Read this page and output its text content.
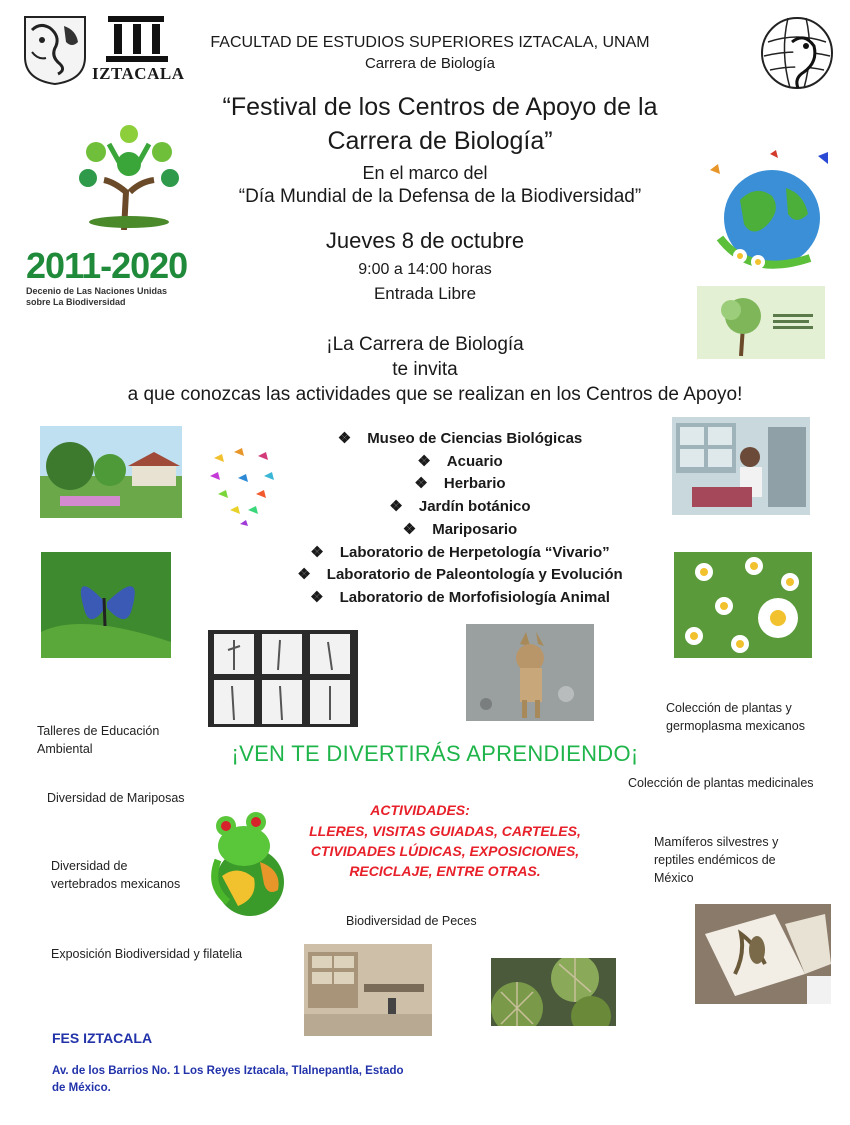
IZTACALA
FACULTAD DE ESTUDIOS SUPERIORES IZTACALA, UNAM
Carrera de Biología
“Festival de los Centros de Apoyo de la
Carrera de Biología”
En el marco del
“Día Mundial de la Defensa de la Biodiversidad”
Jueves 8 de octubre
9:00 a 14:00 horas
Entrada Libre
2011-2020
Decenio de Las Naciones Unidas
sobre La Biodiversidad
¡La Carrera de Biología
te invita
a que conozcas las actividades que se realizan en los Centros de Apoyo!
❖ Museo de Ciencias Biológicas
❖ Acuario
❖ Herbario
❖ Jardín botánico
❖ Mariposario
❖ Laboratorio de Herpetología “Vivario”
❖ Laboratorio de Paleontología y Evolución
❖ Laboratorio de Morfofisiología Animal
Colección de plantas y
germoplasma mexicanos
Talleres de Educación
Ambiental	¡VEN TE DIVERTIRÁS APRENDIENDO¡
Colección de plantas medicinales
Diversidad de Mariposas
ACTIVIDADES:
LLERES, VISITAS GUIADAS, CARTELES,
CTIVIDADES LÚDICAS, EXPOSICIONES,
RECICLAJE, ENTRE OTRAS.
Mamíferos silvestres y
reptiles endémicos de
México
Diversidad de
vertebrados mexicanos
Biodiversidad de Peces
Exposición Biodiversidad y filatelia
FES IZTACALA
Av. de los Barrios No. 1 Los Reyes Iztacala, Tlalnepantla, Estado
de México.
